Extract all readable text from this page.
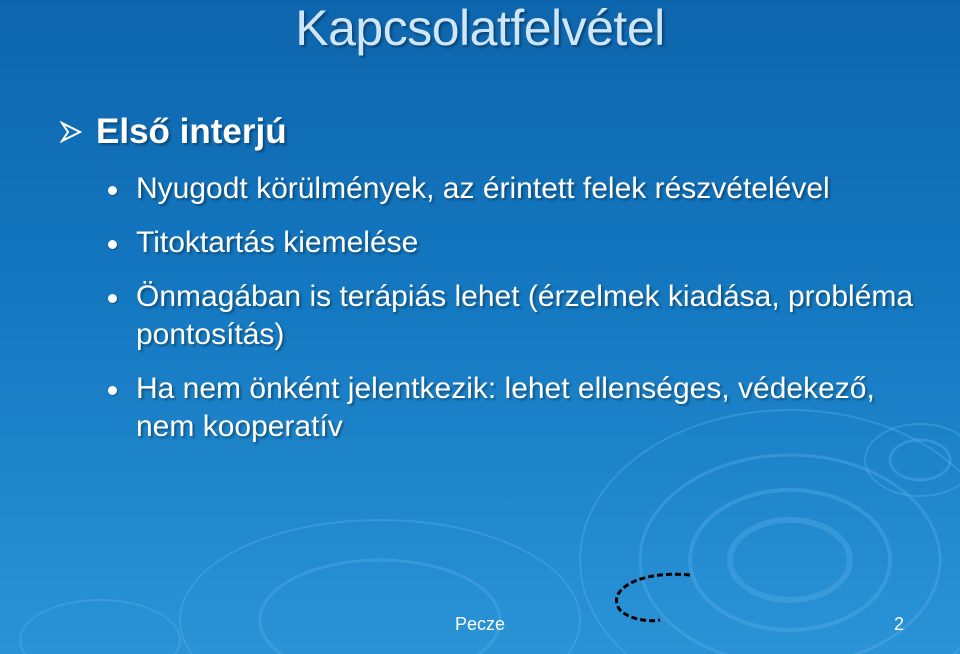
Kapcsolatfelvétel
Első interjú
Nyugodt körülmények, az érintett felek részvételével
Titoktartás kiemelése
Önmagában is terápiás lehet (érzelmek kiadása, probléma pontosítás)
Ha nem önként jelentkezik: lehet ellenséges, védekező, nem kooperatív
Pecze	2
